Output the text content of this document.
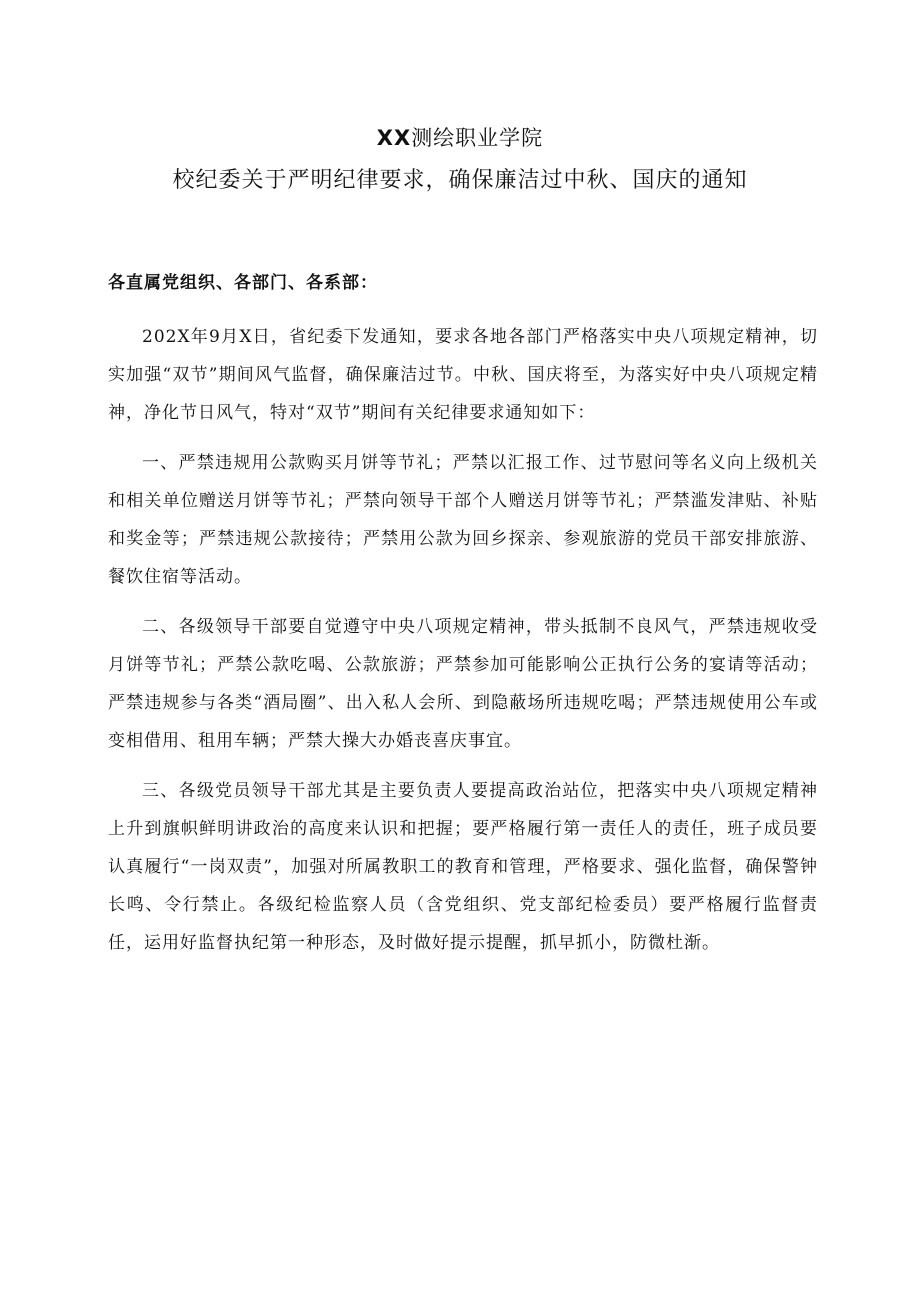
XX测绘职业学院
校纪委关于严明纪律要求，确保廉洁过中秋、国庆的通知
各直属党组织、各部门、各系部：

202X年9月X日，省纪委下发通知，要求各地各部门严格落实中央八项规定精神，切实加强“双节”期间风气监督，确保廉洁过节。中秋、国庆将至，为落实好中央八项规定精神，净化节日风气，特对“双节”期间有关纪律要求通知如下：

一、严禁违规用公款购买月饼等节礼；严禁以汇报工作、过节慰问等名义向上级机关和相关单位赠送月饼等节礼；严禁向领导干部个人赠送月饼等节礼；严禁滥发津贴、补贴和奖金等；严禁违规公款接待；严禁用公款为回乡探亲、参观旅游的党员干部安排旅游、餐饮住宿等活动。

二、各级领导干部要自觉遵守中央八项规定精神，带头抵制不良风气，严禁违规收受月饼等节礼；严禁公款吃喝、公款旅游；严禁参加可能影响公正执行公务的宴请等活动；严禁违规参与各类“酒局圈”、出入私人会所、到隐蔽场所违规吃喝；严禁违规使用公车或变相借用、租用车辆；严禁大操大办婚丧喜庆事宜。

三、各级党员领导干部尤其是主要负责人要提高政治站位，把落实中央八项规定精神上升到旗帜鲜明讲政治的高度来认识和把握；要严格履行第一责任人的责任，班子成员要认真履行“一岗双责”，加强对所属教职工的教育和管理，严格要求、强化监督，确保警钟长鸣、令行禁止。各级纪检监察人员（含党组织、党支部纪检委员）要严格履行监督责任，运用好监督执纪第一种形态，及时做好提示提醒，抓早抓小，防微杜渐。
